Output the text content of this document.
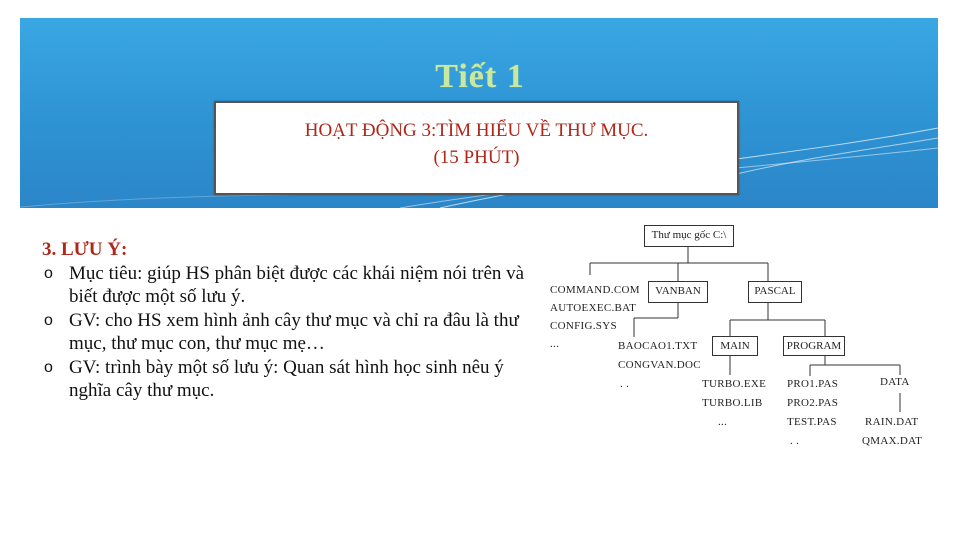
Tiết 1
HOẠT ĐỘNG 3:TÌM HIỂU VỀ THƯ MỤC.
(15 PHÚT)
3. LƯU Ý:
o Mục tiêu: giúp HS phân biệt được các khái niệm nói trên và biết được một số lưu ý.
o GV: cho HS xem hình ảnh cây thư mục và chỉ ra đâu là thư mục, thư mục con, thư mục mẹ…
o GV: trình bày một số lưu ý: Quan sát hình học sinh nêu ý nghĩa cây thư mục.
Thư mục gốc C:\
VANBAN	PASCAL
MAIN	PROGRAM
DATA
COMMAND.COM
AUTOEXEC.BAT
CONFIG.SYS
...	BAOCAO1.TXT
CONGVAN.DOC
. .	TURBO.EXE
TURBO.LIB
...
PRO1.PAS
PRO2.PAS
TEST.PAS
. .
RAIN.DAT
QMAX.DAT
